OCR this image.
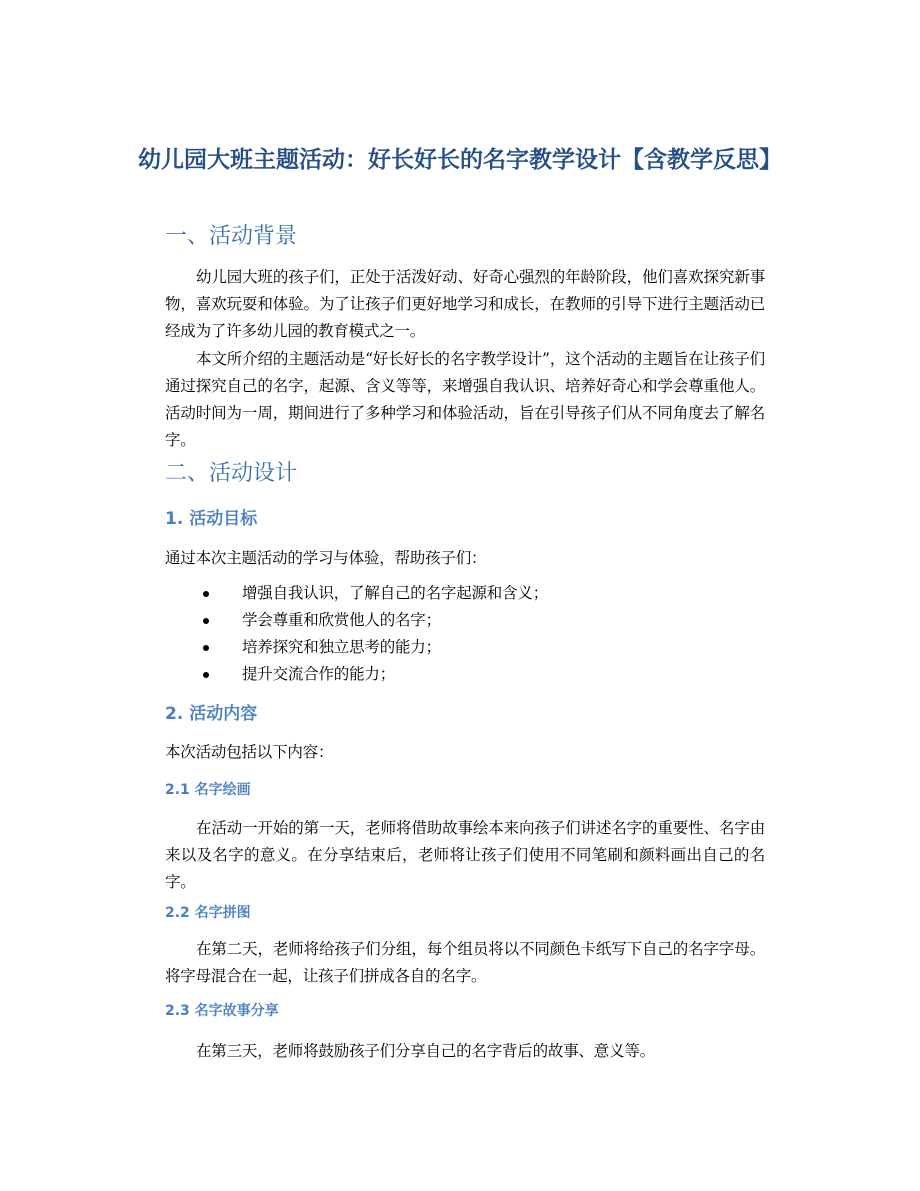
幼儿园大班主题活动：好长好长的名字教学设计【含教学反思】
一、活动背景

幼儿园大班的孩子们，正处于活泼好动、好奇心强烈的年龄阶段，他们喜欢探究新事物，喜欢玩耍和体验。为了让孩子们更好地学习和成长，在教师的引导下进行主题活动已经成为了许多幼儿园的教育模式之一。

本文所介绍的主题活动是“好长好长的名字教学设计”，这个活动的主题旨在让孩子们通过探究自己的名字，起源、含义等等，来增强自我认识、培养好奇心和学会尊重他人。活动时间为一周，期间进行了多种学习和体验活动，旨在引导孩子们从不同角度去了解名字。

二、活动设计
1. 活动目标

通过本次主题活动的学习与体验，帮助孩子们：

增强自我认识，了解自己的名字起源和含义；
学会尊重和欣赏他人的名字；
培养探究和独立思考的能力；
提升交流合作的能力；
2. 活动内容

本次活动包括以下内容：

2.1 名字绘画

在活动一开始的第一天，老师将借助故事绘本来向孩子们讲述名字的重要性、名字由来以及名字的意义。在分享结束后，老师将让孩子们使用不同笔刷和颜料画出自己的名字。

2.2 名字拼图

在第二天，老师将给孩子们分组，每个组员将以不同颜色卡纸写下自己的名字字母。将字母混合在一起，让孩子们拼成各自的名字。

2.3 名字故事分享

在第三天，老师将鼓励孩子们分享自己的名字背后的故事、意义等。
